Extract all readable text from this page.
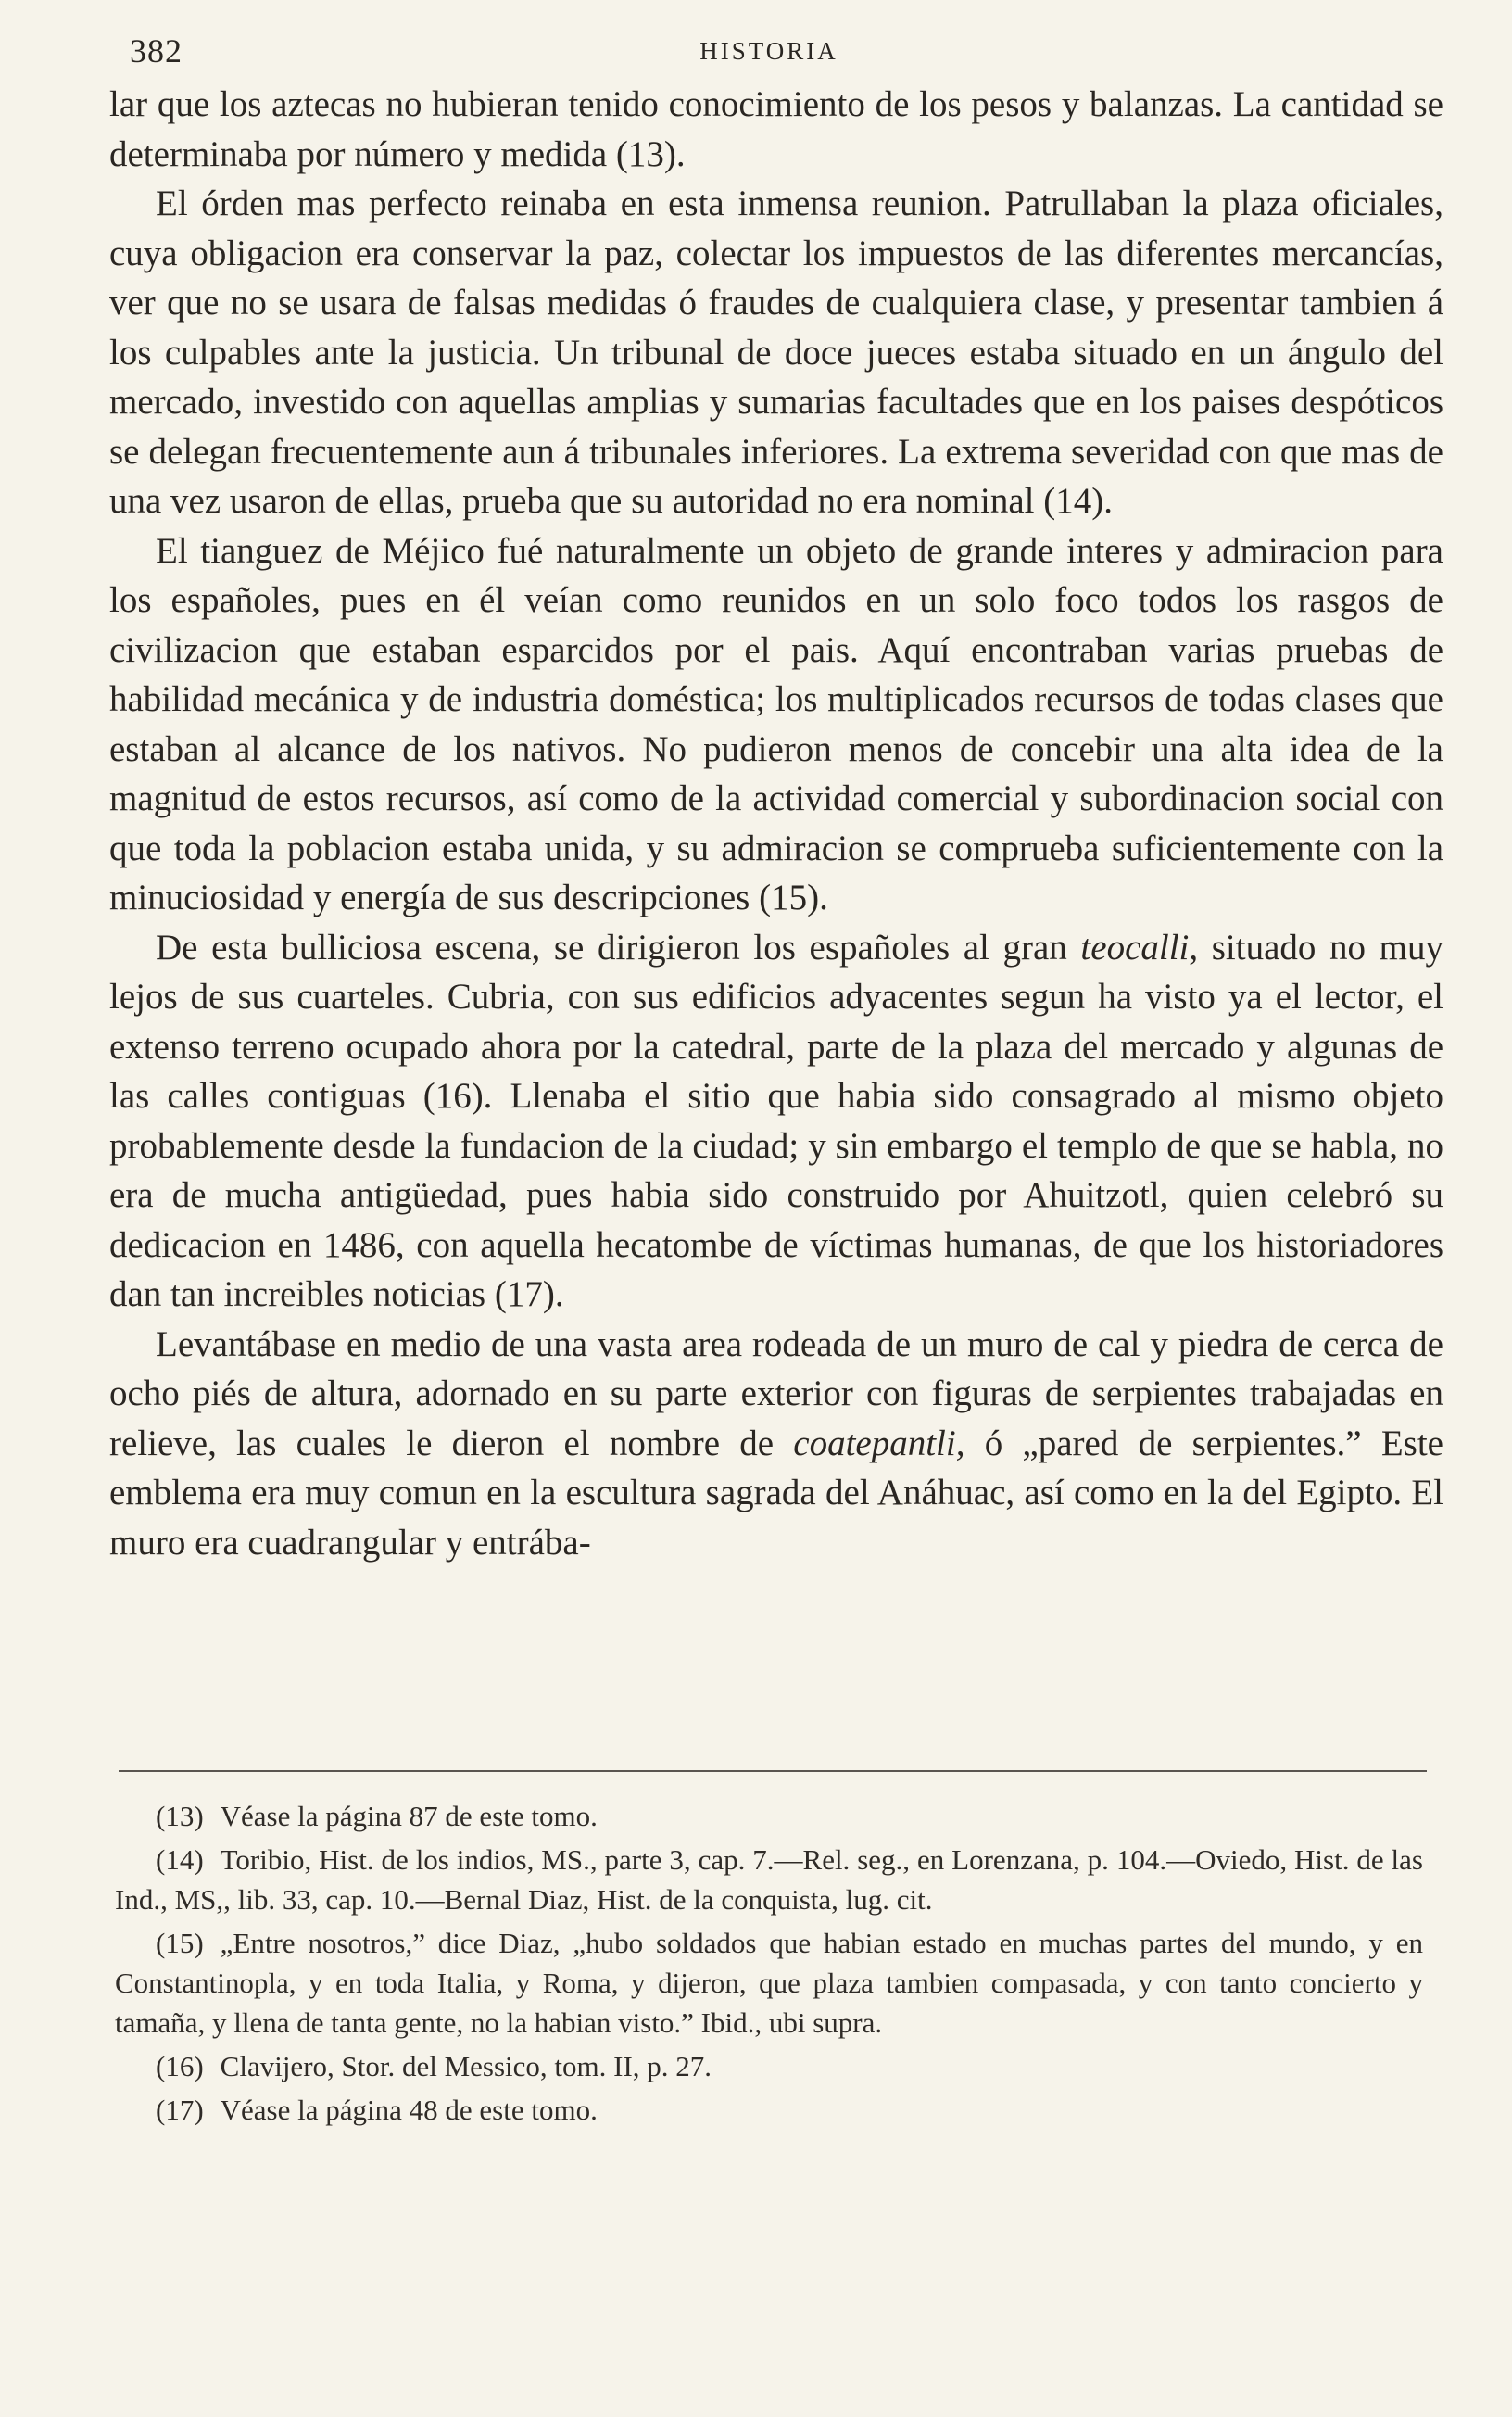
382	HISTORIA

lar que los aztecas no hubieran tenido conocimiento de los pesos y balanzas. La cantidad se determinaba por número y medida (13).

El órden mas perfecto reinaba en esta inmensa reunion. Patrullaban la plaza oficiales, cuya obligacion era conservar la paz, colectar los impuestos de las diferentes mercancías, ver que no se usara de falsas medidas ó fraudes de cualquiera clase, y presentar tambien á los culpables ante la justicia. Un tribunal de doce jueces estaba situado en un ángulo del mercado, investido con aquellas amplias y sumarias facultades que en los paises despóticos se delegan frecuentemente aun á tribunales inferiores. La extrema severidad con que mas de una vez usaron de ellas, prueba que su autoridad no era nominal (14).

El tianguez de Méjico fué naturalmente un objeto de grande interes y admiracion para los españoles, pues en él veían como reunidos en un solo foco todos los rasgos de civilizacion que estaban esparcidos por el pais. Aquí encontraban varias pruebas de habilidad mecánica y de industria doméstica; los multiplicados recursos de todas clases que estaban al alcance de los nativos. No pudieron menos de concebir una alta idea de la magnitud de estos recursos, así como de la actividad comercial y subordinacion social con que toda la poblacion estaba unida, y su admiracion se comprueba suficientemente con la minuciosidad y energía de sus descripciones (15).

De esta bulliciosa escena, se dirigieron los españoles al gran teocalli, situado no muy lejos de sus cuarteles. Cubria, con sus edificios adyacentes segun ha visto ya el lector, el extenso terreno ocupado ahora por la catedral, parte de la plaza del mercado y algunas de las calles contiguas (16). Llenaba el sitio que habia sido consagrado al mismo objeto probablemente desde la fundacion de la ciudad; y sin embargo el templo de que se habla, no era de mucha antigüedad, pues habia sido construido por Ahuitzotl, quien celebró su dedicacion en 1486, con aquella hecatombe de víctimas humanas, de que los historiadores dan tan increibles noticias (17).

Levantábase en medio de una vasta area rodeada de un muro de cal y piedra de cerca de ocho piés de altura, adornado en su parte exterior con figuras de serpientes trabajadas en relieve, las cuales le dieron el nombre de coatepantli, ó „pared de serpientes.” Este emblema era muy comun en la escultura sagrada del Anáhuac, así como en la del Egipto. El muro era cuadrangular y entrába-

(13) Véase la página 87 de este tomo.

(14) Toribio, Hist. de los indios, MS., parte 3, cap. 7.—Rel. seg., en Lorenzana, p. 104.—Oviedo, Hist. de las Ind., MS,, lib. 33, cap. 10.—Bernal Diaz, Hist. de la conquista, lug. cit.

(15) „Entre nosotros,” dice Diaz, „hubo soldados que habian estado en muchas partes del mundo, y en Constantinopla, y en toda Italia, y Roma, y dijeron, que plaza tambien compasada, y con tanto concierto y tamaña, y llena de tanta gente, no la habian visto.” Ibid., ubi supra.

(16) Clavijero, Stor. del Messico, tom. II, p. 27.

(17) Véase la página 48 de este tomo.
